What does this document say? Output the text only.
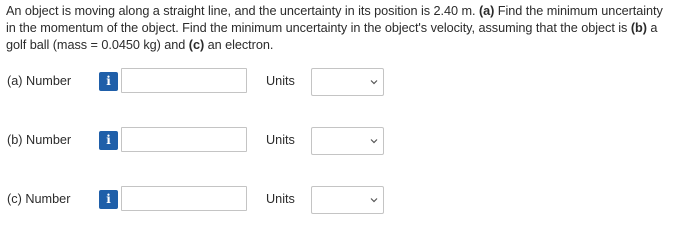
An object is moving along a straight line, and the uncertainty in its position is 2.40 m. (a) Find the minimum uncertainty in the momentum of the object. Find the minimum uncertainty in the object's velocity, assuming that the object is (b) a golf ball (mass = 0.0450 kg) and (c) an electron.
(a) Number	i	Units
(b) Number	i	Units
(c) Number	i	Units
